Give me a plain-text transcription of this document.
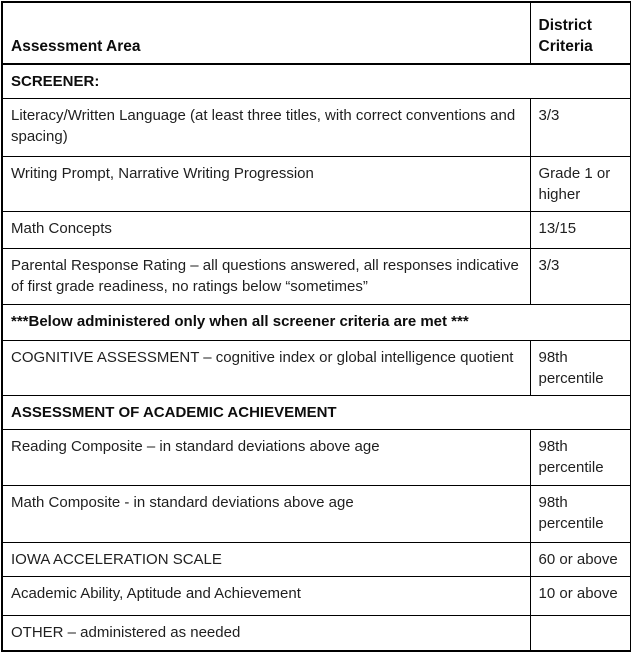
Assessment Area	District Criteria
SCREENER:	
Literacy/Written Language (at least three titles, with correct conventions and spacing)	3/3
Writing Prompt, Narrative Writing Progression	Grade 1 or higher
Math Concepts	13/15
Parental Response Rating – all questions answered, all responses indicative of first grade readiness, no ratings below “sometimes”	3/3
***Below administered only when all screener criteria are met ***	
COGNITIVE ASSESSMENT – cognitive index or global intelligence quotient	98th percentile
ASSESSMENT OF ACADEMIC ACHIEVEMENT	
Reading Composite – in standard deviations above age	98th percentile
Math Composite - in standard deviations above age	98th percentile
IOWA ACCELERATION SCALE	60 or above
Academic Ability, Aptitude and Achievement	10 or above
OTHER – administered as needed	
